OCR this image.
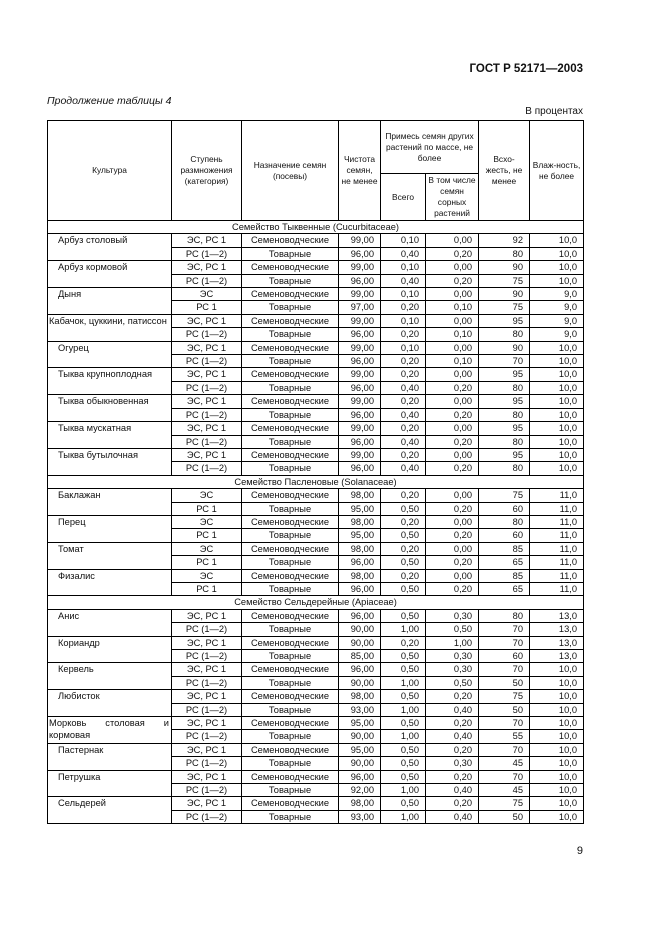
ГОСТ Р 52171—2003
Продолжение таблицы 4
В процентах
Культура	Ступень размножения (категория)	Назначение семян (посевы)	Чистота семян, не менее	Примесь семян других растений по массе, не более		Всхо-жесть, не менее	Влаж-ность, не более
				Всего	В том числе семян сорных растений		
Семейство Тыквенные (Cucurbitaceae)							
Арбуз столовый	ЭС, РС 1	Семеноводческие	99,00	0,10	0,00	92	10,0
	РС (1—2)	Товарные	96,00	0,40	0,20	80	10,0
Арбуз кормовой	ЭС, РС 1	Семеноводческие	99,00	0,10	0,00	90	10,0
	РС (1—2)	Товарные	96,00	0,40	0,20	75	10,0
Дыня	ЭС	Семеноводческие	99,00	0,10	0,00	90	9,0
	РС 1	Товарные	97,00	0,20	0,10	75	9,0
Кабачок, цуккини, патиссон	ЭС, РС 1	Семеноводческие	99,00	0,10	0,00	95	9,0
	РС (1—2)	Товарные	96,00	0,20	0,10	80	9,0
Огурец	ЭС, РС 1	Семеноводческие	99,00	0,10	0,00	90	10,0
	РС (1—2)	Товарные	96,00	0,20	0,10	70	10,0
Тыква крупноплодная	ЭС, РС 1	Семеноводческие	99,00	0,20	0,00	95	10,0
	РС (1—2)	Товарные	96,00	0,40	0,20	80	10,0
Тыква обыкновенная	ЭС, РС 1	Семеноводческие	99,00	0,20	0,00	95	10,0
	РС (1—2)	Товарные	96,00	0,40	0,20	80	10,0
Тыква мускатная	ЭС, РС 1	Семеноводческие	99,00	0,20	0,00	95	10,0
	РС (1—2)	Товарные	96,00	0,40	0,20	80	10,0
Тыква бутылочная	ЭС, РС 1	Семеноводческие	99,00	0,20	0,00	95	10,0
	РС (1—2)	Товарные	96,00	0,40	0,20	80	10,0
Семейство Пасленовые (Solanaceae)							
Баклажан	ЭС	Семеноводческие	98,00	0,20	0,00	75	11,0
	РС 1	Товарные	95,00	0,50	0,20	60	11,0
Перец	ЭС	Семеноводческие	98,00	0,20	0,00	80	11,0
	РС 1	Товарные	95,00	0,50	0,20	60	11,0
Томат	ЭС	Семеноводческие	98,00	0,20	0,00	85	11,0
	РС 1	Товарные	96,00	0,50	0,20	65	11,0
Физалис	ЭС	Семеноводческие	98,00	0,20	0,00	85	11,0
	РС 1	Товарные	96,00	0,50	0,20	65	11,0
Семейство Сельдерейные (Apiaceae)							
Анис	ЭС, РС 1	Семеноводческие	96,00	0,50	0,30	80	13,0
	РС (1—2)	Товарные	90,00	1,00	0,50	70	13,0
Кориандр	ЭС, РС 1	Семеноводческие	90,00	0,20	1,00	70	13,0
	РС (1—2)	Товарные	85,00	0,50	0,30	60	13,0
Кервель	ЭС, РС 1	Семеноводческие	96,00	0,50	0,30	70	10,0
	РС (1—2)	Товарные	90,00	1,00	0,50	50	10,0
Любисток	ЭС, РС 1	Семеноводческие	98,00	0,50	0,20	75	10,0
	РС (1—2)	Товарные	93,00	1,00	0,40	50	10,0
Морковь столовая и кормовая	ЭС, РС 1	Семеноводческие	95,00	0,50	0,20	70	10,0
	РС (1—2)	Товарные	90,00	1,00	0,40	55	10,0
Пастернак	ЭС, РС 1	Семеноводческие	95,00	0,50	0,20	70	10,0
	РС (1—2)	Товарные	90,00	0,50	0,30	45	10,0
Петрушка	ЭС, РС 1	Семеноводческие	96,00	0,50	0,20	70	10,0
	РС (1—2)	Товарные	92,00	1,00	0,40	45	10,0
Сельдерей	ЭС, РС 1	Семеноводческие	98,00	0,50	0,20	75	10,0
	РС (1—2)	Товарные	93,00	1,00	0,40	50	10,0
9
